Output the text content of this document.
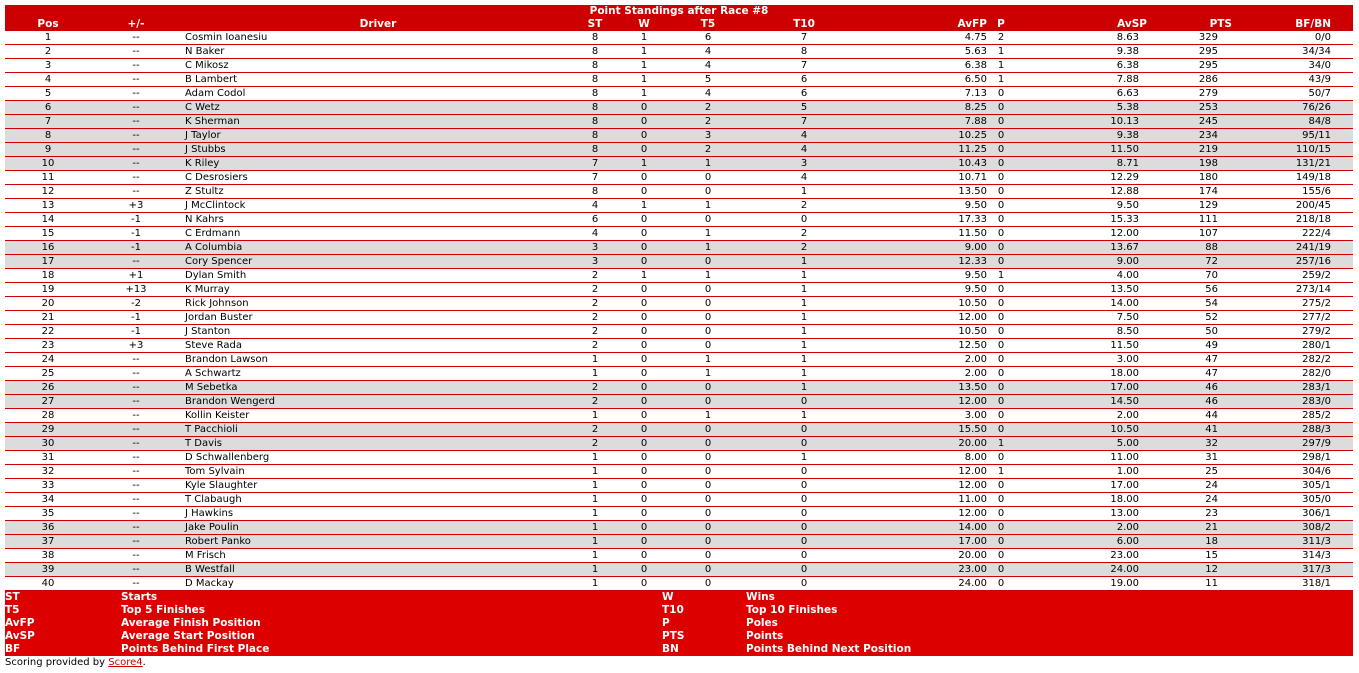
Point Standings after Race #8
Pos	+/-	Driver	ST	W	T5	T10	AvFP	P	AvSP	PTS	BF/BN
1	--	Cosmin Ioanesiu	8	1	6	7	4.75	2	8.63	329	0/0
2	--	N Baker	8	1	4	8	5.63	1	9.38	295	34/34
3	--	C Mikosz	8	1	4	7	6.38	1	6.38	295	34/0
4	--	B Lambert	8	1	5	6	6.50	1	7.88	286	43/9
5	--	Adam Codol	8	1	4	6	7.13	0	6.63	279	50/7
6	--	C Wetz	8	0	2	5	8.25	0	5.38	253	76/26
7	--	K Sherman	8	0	2	7	7.88	0	10.13	245	84/8
8	--	J Taylor	8	0	3	4	10.25	0	9.38	234	95/11
9	--	J Stubbs	8	0	2	4	11.25	0	11.50	219	110/15
10	--	K Riley	7	1	1	3	10.43	0	8.71	198	131/21
11	--	C Desrosiers	7	0	0	4	10.71	0	12.29	180	149/18
12	--	Z Stultz	8	0	0	1	13.50	0	12.88	174	155/6
13	+3	J McClintock	4	1	1	2	9.50	0	9.50	129	200/45
14	-1	N Kahrs	6	0	0	0	17.33	0	15.33	111	218/18
15	-1	C Erdmann	4	0	1	2	11.50	0	12.00	107	222/4
16	-1	A Columbia	3	0	1	2	9.00	0	13.67	88	241/19
17	--	Cory Spencer	3	0	0	1	12.33	0	9.00	72	257/16
18	+1	Dylan Smith	2	1	1	1	9.50	1	4.00	70	259/2
19	+13	K Murray	2	0	0	1	9.50	0	13.50	56	273/14
20	-2	Rick Johnson	2	0	0	1	10.50	0	14.00	54	275/2
21	-1	Jordan Buster	2	0	0	1	12.00	0	7.50	52	277/2
22	-1	J Stanton	2	0	0	1	10.50	0	8.50	50	279/2
23	+3	Steve Rada	2	0	0	1	12.50	0	11.50	49	280/1
24	--	Brandon Lawson	1	0	1	1	2.00	0	3.00	47	282/2
25	--	A Schwartz	1	0	1	1	2.00	0	18.00	47	282/0
26	--	M Sebetka	2	0	0	1	13.50	0	17.00	46	283/1
27	--	Brandon Wengerd	2	0	0	0	12.00	0	14.50	46	283/0
28	--	Kollin Keister	1	0	1	1	3.00	0	2.00	44	285/2
29	--	T Pacchioli	2	0	0	0	15.50	0	10.50	41	288/3
30	--	T Davis	2	0	0	0	20.00	1	5.00	32	297/9
31	--	D Schwallenberg	1	0	0	1	8.00	0	11.00	31	298/1
32	--	Tom Sylvain	1	0	0	0	12.00	1	1.00	25	304/6
33	--	Kyle Slaughter	1	0	0	0	12.00	0	17.00	24	305/1
34	--	T Clabaugh	1	0	0	0	11.00	0	18.00	24	305/0
35	--	J Hawkins	1	0	0	0	12.00	0	13.00	23	306/1
36	--	Jake Poulin	1	0	0	0	14.00	0	2.00	21	308/2
37	--	Robert Panko	1	0	0	0	17.00	0	6.00	18	311/3
38	--	M Frisch	1	0	0	0	20.00	0	23.00	15	314/3
39	--	B Westfall	1	0	0	0	23.00	0	24.00	12	317/3
40	--	D Mackay	1	0	0	0	24.00	0	19.00	11	318/1
ST	Starts	W	Wins
T5	Top 5 Finishes	T10	Top 10 Finishes
AvFP	Average Finish Position	P	Poles
AvSP	Average Start Position	PTS	Points
BF	Points Behind First Place	BN	Points Behind Next Position
Scoring provided by Score4.
